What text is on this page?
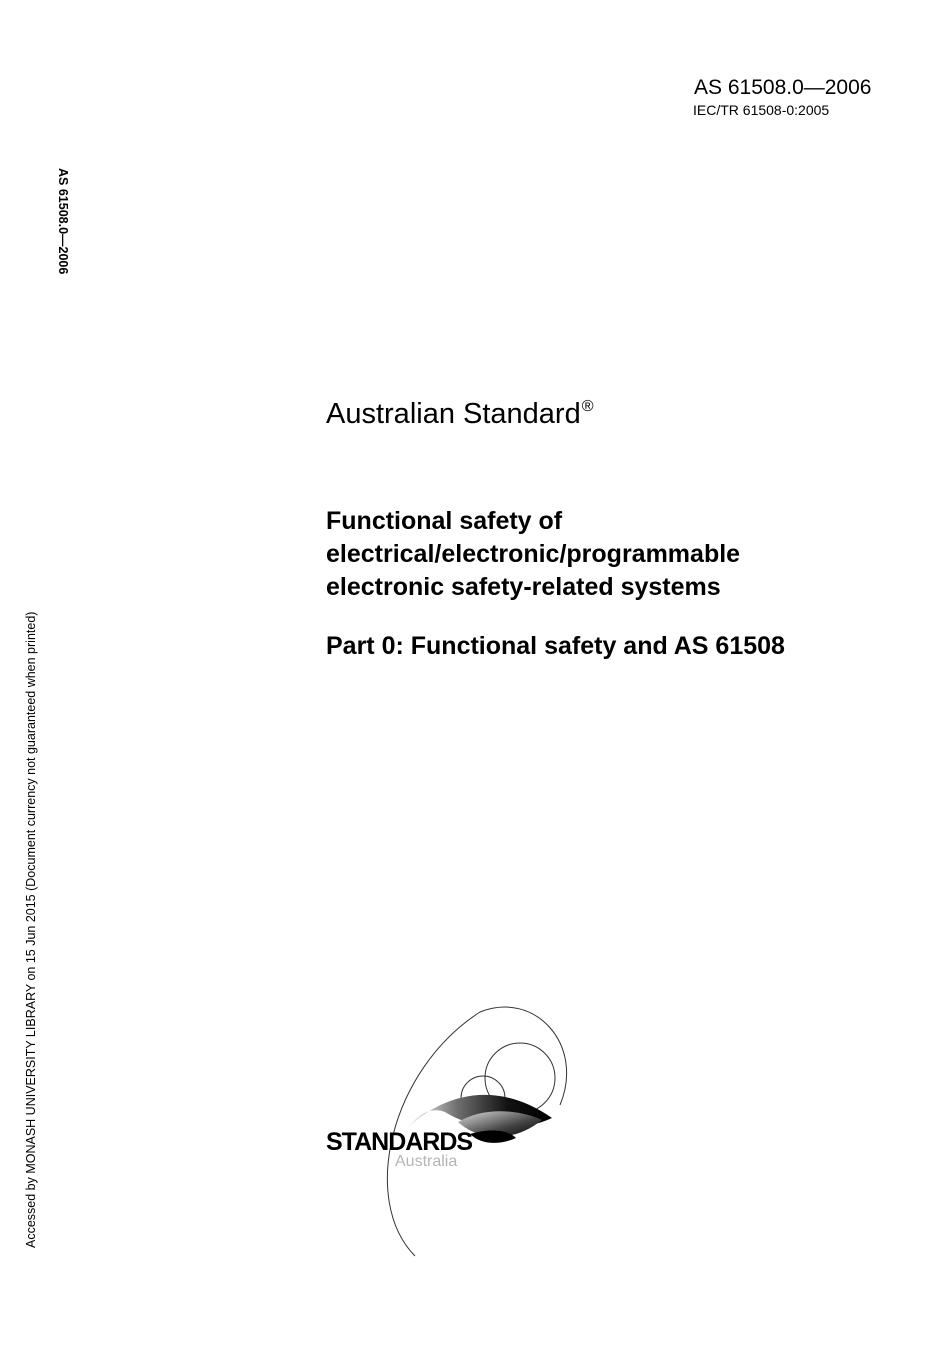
AS 61508.0—2006
IEC/TR 61508-0:2005
AS 61508.0—2006
Accessed by MONASH UNIVERSITY LIBRARY on 15 Jun 2015 (Document currency not guaranteed when printed)
Australian Standard®
Functional safety of
electrical/electronic/programmable
electronic safety-related systems
Part 0: Functional safety and AS 61508
STANDARDS
Australia
